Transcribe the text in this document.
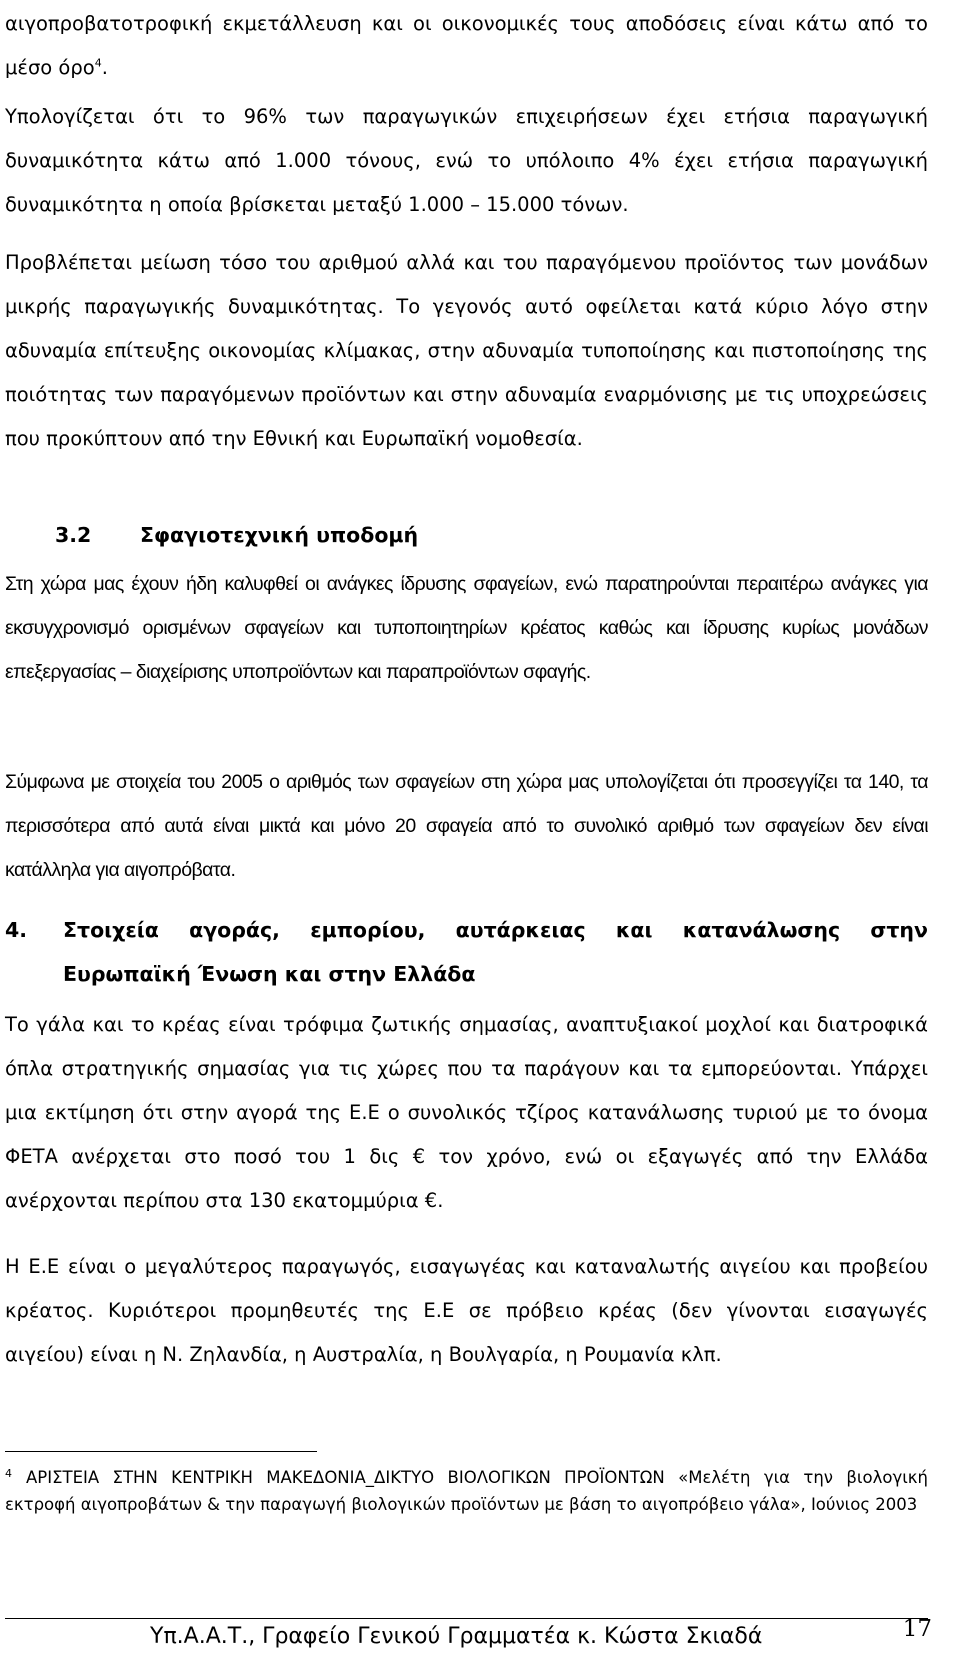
αιγοπροβατοτροφική εκμετάλλευση και οι οικονομικές τους αποδόσεις είναι κάτω από το μέσο όρο$^4$.

Υπολογίζεται ότι το 96% των παραγωγικών επιχειρήσεων έχει ετήσια παραγωγική δυναμικότητα κάτω από 1.000 τόνους, ενώ το υπόλοιπο 4% έχει ετήσια παραγωγική δυναμικότητα η οποία βρίσκεται μεταξύ 1.000 – 15.000 τόνων.

Προβλέπεται μείωση τόσο του αριθμού αλλά και του παραγόμενου προϊόντος των μονάδων μικρής παραγωγικής δυναμικότητας. Το γεγονός αυτό οφείλεται κατά κύριο λόγο στην αδυναμία επίτευξης οικονομίας κλίμακας, στην αδυναμία τυποποίησης και πιστοποίησης της ποιότητας των παραγόμενων προϊόντων και στην αδυναμία εναρμόνισης με τις υποχρεώσεις που προκύπτουν από την Εθνική και Ευρωπαϊκή νομοθεσία.

3.2 Σφαγιοτεχνική υποδομή

Στη χώρα μας έχουν ήδη καλυφθεί οι ανάγκες ίδρυσης σφαγείων, ενώ παρατηρούνται περαιτέρω ανάγκες για εκσυγχρονισμό ορισμένων σφαγείων και τυποποιητηρίων κρέατος καθώς και ίδρυσης κυρίως μονάδων επεξεργασίας – διαχείρισης υποπροϊόντων και παραπροϊόντων σφαγής.

Σύμφωνα με στοιχεία του 2005 ο αριθμός των σφαγείων στη χώρα μας υπολογίζεται ότι προσεγγίζει τα 140, τα περισσότερα από αυτά είναι μικτά και μόνο 20 σφαγεία από το συνολικό αριθμό των σφαγείων δεν είναι κατάλληλα για αιγοπρόβατα.

4. Στοιχεία αγοράς, εμπορίου, αυτάρκειας και κατανάλωσης στην
Ευρωπαϊκή Ένωση και στην Ελλάδα

Το γάλα και το κρέας είναι τρόφιμα ζωτικής σημασίας, αναπτυξιακοί μοχλοί και διατροφικά όπλα στρατηγικής σημασίας για τις χώρες που τα παράγουν και τα εμπορεύονται. Υπάρχει μια εκτίμηση ότι στην αγορά της Ε.Ε ο συνολικός τζίρος κατανάλωσης τυριού με το όνομα ΦΕΤΑ ανέρχεται στο ποσό του 1 δις € τον χρόνο, ενώ οι εξαγωγές από την Ελλάδα ανέρχονται περίπου στα 130 εκατομμύρια €.

Η Ε.Ε είναι ο μεγαλύτερος παραγωγός, εισαγωγέας και καταναλωτής αιγείου και προβείου κρέατος. Κυριότεροι προμηθευτές της Ε.Ε σε πρόβειο κρέας (δεν γίνονται εισαγωγές αιγείου) είναι η Ν. Ζηλανδία, η Αυστραλία, η Βουλγαρία, η Ρουμανία κλπ.

$^4$ ΑΡΙΣΤΕΙΑ ΣΤΗΝ ΚΕΝΤΡΙΚΗ ΜΑΚΕΔΟΝΙΑ_ΔΙΚΤΥΟ ΒΙΟΛΟΓΙΚΩΝ ΠΡΟΪΟΝΤΩΝ «Μελέτη για την βιολογική εκτροφή αιγοπροβάτων & την παραγωγή βιολογικών προϊόντων με βάση το αιγοπρόβειο γάλα», Ιούνιος 2003

Υπ.Α.Α.Τ., Γραφείο Γενικού Γραμματέα κ. Κώστα Σκιαδά	17
